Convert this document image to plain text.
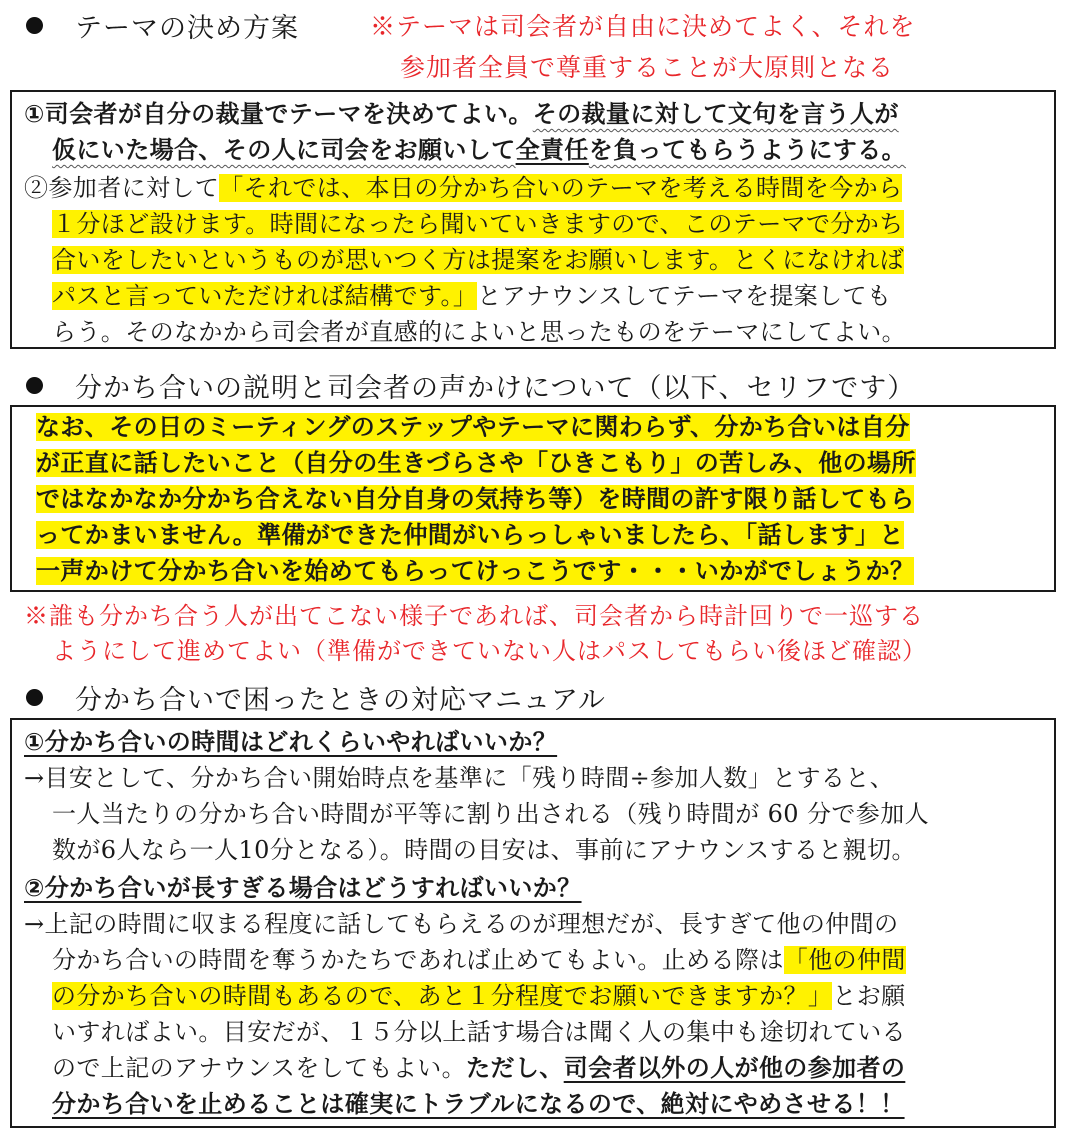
テーマの決め方案	※テーマは司会者が自由に決めてよく、それを
参加者全員で尊重することが大原則となる
①司会者が自分の裁量でテーマを決めてよい。その裁量に対して文句を言う人が
仮にいた場合、その人に司会をお願いして全責任を負ってもらうようにする。
②参加者に対して「それでは、本日の分かち合いのテーマを考える時間を今から
１分ほど設けます。時間になったら聞いていきますので、このテーマで分かち
合いをしたいというものが思いつく方は提案をお願いします。とくになければ
パスと言っていただければ結構です。」とアナウンスしてテーマを提案しても
らう。そのなかから司会者が直感的によいと思ったものをテーマにしてよい。
分かち合いの説明と司会者の声かけについて（以下、セリフです）
なお、その日のミーティングのステップやテーマに関わらず、分かち合いは自分
が正直に話したいこと（自分の生きづらさや「ひきこもり」の苦しみ、他の場所
ではなかなか分かち合えない自分自身の気持ち等）を時間の許す限り話してもら
ってかまいません。準備ができた仲間がいらっしゃいましたら、「話します」と
一声かけて分かち合いを始めてもらってけっこうです・・・いかがでしょうか？
※誰も分かち合う人が出てこない様子であれば、司会者から時計回りで一巡する
ようにして進めてよい（準備ができていない人はパスしてもらい後ほど確認）
分かち合いで困ったときの対応マニュアル
①分かち合いの時間はどれくらいやればいいか？
→目安として、分かち合い開始時点を基準に「残り時間÷参加人数」とすると、
一人当たりの分かち合い時間が平等に割り出される（残り時間が 60 分で参加人
数が6人なら一人10分となる）。時間の目安は、事前にアナウンスすると親切。
②分かち合いが長すぎる場合はどうすればいいか？
→上記の時間に収まる程度に話してもらえるのが理想だが、長すぎて他の仲間の
分かち合いの時間を奪うかたちであれば止めてもよい。止める際は「他の仲間
の分かち合いの時間もあるので、あと１分程度でお願いできますか？」とお願
いすればよい。目安だが、１５分以上話す場合は聞く人の集中も途切れている
ので上記のアナウンスをしてもよい。ただし、司会者以外の人が他の参加者の
分かち合いを止めることは確実にトラブルになるので、絶対にやめさせる！！
